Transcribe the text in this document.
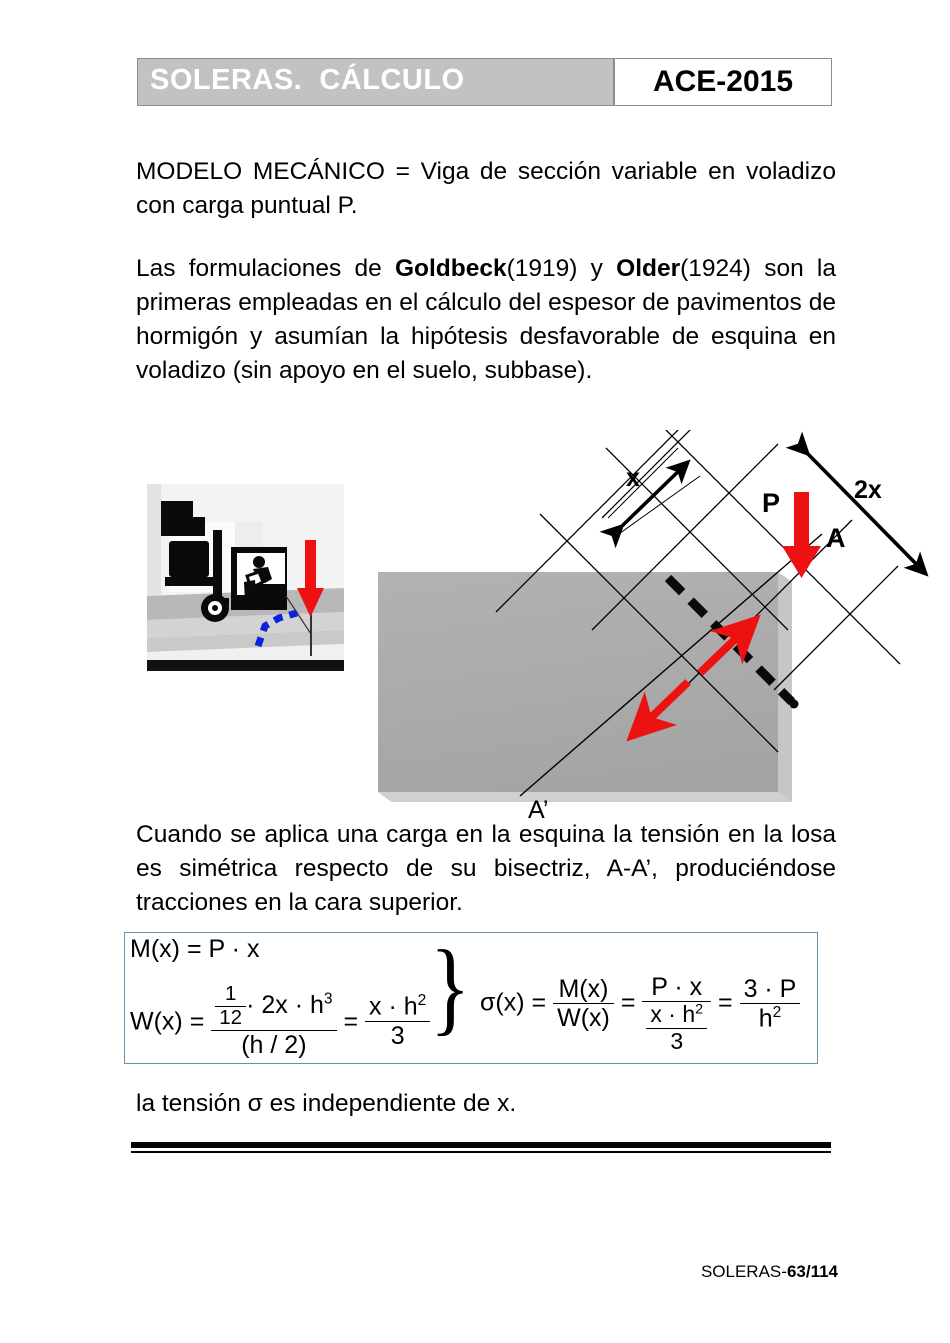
SOLERAS.  CÁLCULO	ACE-2015
MODELO MECÁNICO = Viga de sección variable en voladizo con carga puntual P.
Las formulaciones de Goldbeck(1919) y Older(1924) son la primeras empleadas en el cálculo del espesor de pavimentos de hormigón y asumían la hipótesis desfavorable de esquina en voladizo (sin apoyo en el suelo, subbase).
x	2x
P
A
A’
Cuando se aplica una carga en la esquina la tensión en la losa es simétrica respecto de su bisectriz, A-A’, produciéndose tracciones en la cara superior.
M(x) = P · x
$W(x) = \frac{\frac{1}{12} \cdot 2x \cdot h^3}{(h / 2)} = \frac{x \cdot h^2}{3} \sigma(x) = \frac{M(x)}{W(x)} = \frac{P \cdot x}{\frac{x \cdot h^2}{3}} = \frac{3 \cdot P}{h^2}$
}
la tensión σ es independiente de x.
SOLERAS-63/114
